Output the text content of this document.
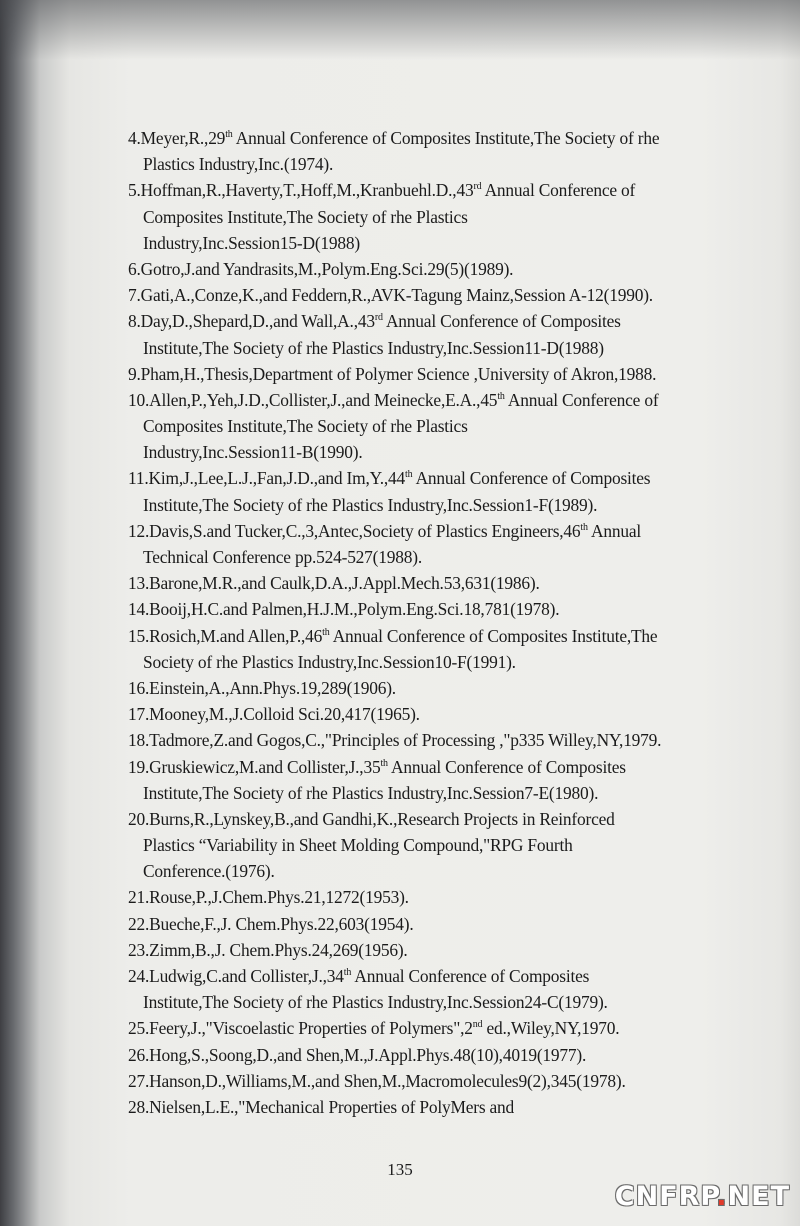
4.Meyer,R.,29th Annual Conference of Composites Institute,The Society of rhe
Plastics Industry,Inc.(1974).
5.Hoffman,R.,Haverty,T.,Hoff,M.,Kranbuehl.D.,43rd Annual Conference of
Composites Institute,The Society of rhe Plastics
Industry,Inc.Session15-D(1988)
6.Gotro,J.and Yandrasits,M.,Polym.Eng.Sci.29(5)(1989).
7.Gati,A.,Conze,K.,and Feddern,R.,AVK-Tagung Mainz,Session A-12(1990).
8.Day,D.,Shepard,D.,and Wall,A.,43rd Annual Conference of Composites
Institute,The Society of rhe Plastics Industry,Inc.Session11-D(1988)
9.Pham,H.,Thesis,Department of Polymer Science ,University of Akron,1988.
10.Allen,P.,Yeh,J.D.,Collister,J.,and Meinecke,E.A.,45th Annual Conference of
Composites Institute,The Society of rhe Plastics
Industry,Inc.Session11-B(1990).
11.Kim,J.,Lee,L.J.,Fan,J.D.,and Im,Y.,44th Annual Conference of Composites
Institute,The Society of rhe Plastics Industry,Inc.Session1-F(1989).
12.Davis,S.and Tucker,C.,3,Antec,Society of Plastics Engineers,46th Annual
Technical Conference pp.524-527(1988).
13.Barone,M.R.,and Caulk,D.A.,J.Appl.Mech.53,631(1986).
14.Booij,H.C.and Palmen,H.J.M.,Polym.Eng.Sci.18,781(1978).
15.Rosich,M.and Allen,P.,46th Annual Conference of Composites Institute,The
Society of rhe Plastics Industry,Inc.Session10-F(1991).
16.Einstein,A.,Ann.Phys.19,289(1906).
17.Mooney,M.,J.Colloid Sci.20,417(1965).
18.Tadmore,Z.and Gogos,C.,"Principles of Processing ,"p335 Willey,NY,1979.
19.Gruskiewicz,M.and Collister,J.,35th Annual Conference of Composites
Institute,The Society of rhe Plastics Industry,Inc.Session7-E(1980).
20.Burns,R.,Lynskey,B.,and Gandhi,K.,Research Projects in Reinforced
Plastics “Variability in Sheet Molding Compound,"RPG Fourth
Conference.(1976).
21.Rouse,P.,J.Chem.Phys.21,1272(1953).
22.Bueche,F.,J. Chem.Phys.22,603(1954).
23.Zimm,B.,J. Chem.Phys.24,269(1956).
24.Ludwig,C.and Collister,J.,34th Annual Conference of Composites
Institute,The Society of rhe Plastics Industry,Inc.Session24-C(1979).
25.Feery,J.,"Viscoelastic Properties of Polymers",2nd ed.,Wiley,NY,1970.
26.Hong,S.,Soong,D.,and Shen,M.,J.Appl.Phys.48(10),4019(1977).
27.Hanson,D.,Williams,M.,and Shen,M.,Macromolecules9(2),345(1978).
28.Nielsen,L.E.,"Mechanical Properties of PolyMers and
135
CNFRP.NET
